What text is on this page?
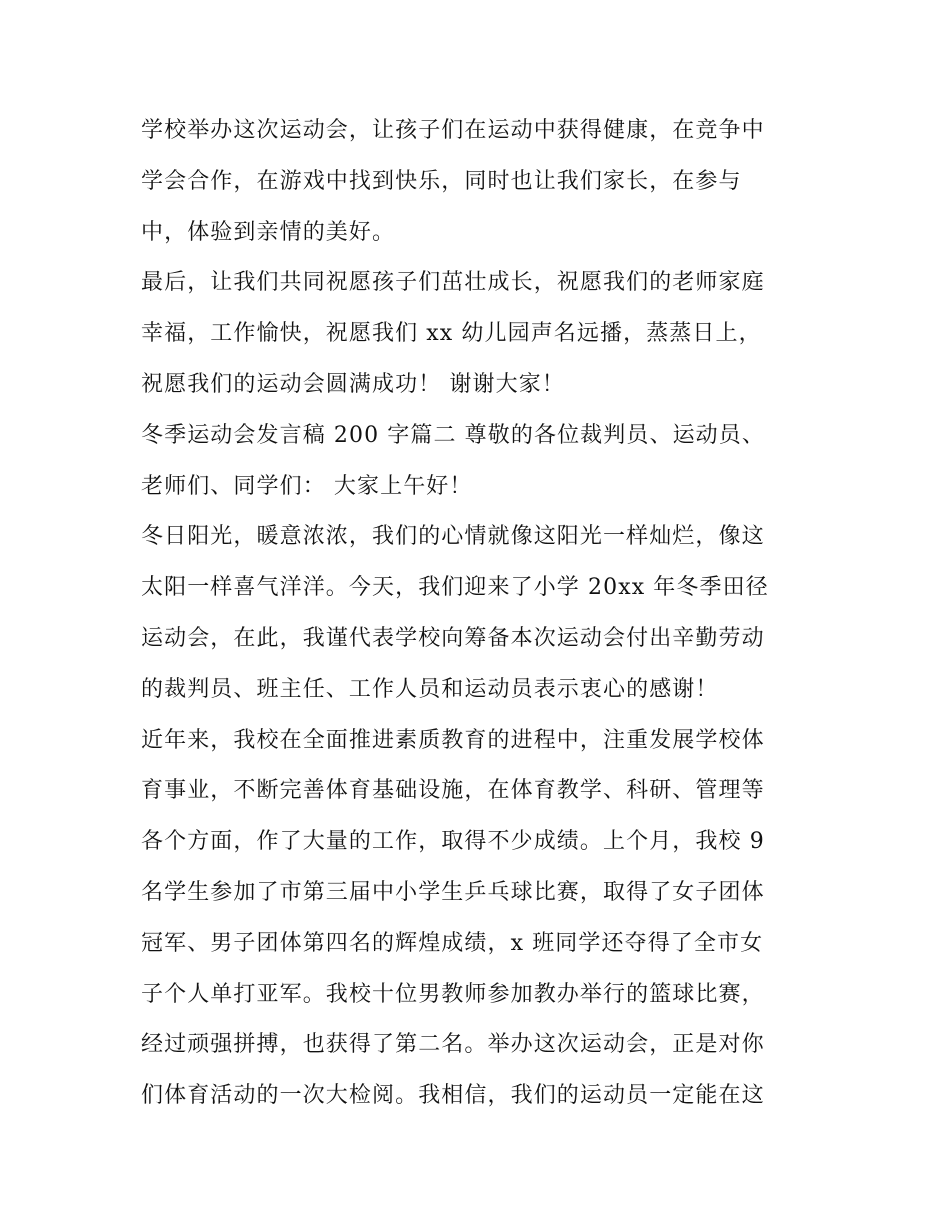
学校举办这次运动会，让孩子们在运动中获得健康，在竞争中
学会合作，在游戏中找到快乐，同时也让我们家长，在参与
中，体验到亲情的美好。
最后，让我们共同祝愿孩子们茁壮成长，祝愿我们的老师家庭
幸福，工作愉快，祝愿我们 xx 幼儿园声名远播，蒸蒸日上，
祝愿我们的运动会圆满成功！ 谢谢大家！
冬季运动会发言稿 200 字篇二 尊敬的各位裁判员、运动员、
老师们、同学们： 大家上午好！
冬日阳光，暖意浓浓，我们的心情就像这阳光一样灿烂，像这
太阳一样喜气洋洋。今天，我们迎来了小学 20xx 年冬季田径
运动会，在此，我谨代表学校向筹备本次运动会付出辛勤劳动
的裁判员、班主任、工作人员和运动员表示衷心的感谢！
近年来，我校在全面推进素质教育的进程中，注重发展学校体
育事业，不断完善体育基础设施，在体育教学、科研、管理等
各个方面，作了大量的工作，取得不少成绩。上个月，我校 9
名学生参加了市第三届中小学生乒乓球比赛，取得了女子团体
冠军、男子团体第四名的辉煌成绩，x 班同学还夺得了全市女
子个人单打亚军。我校十位男教师参加教办举行的篮球比赛，
经过顽强拼搏，也获得了第二名。举办这次运动会，正是对你
们体育活动的一次大检阅。我相信，我们的运动员一定能在这
